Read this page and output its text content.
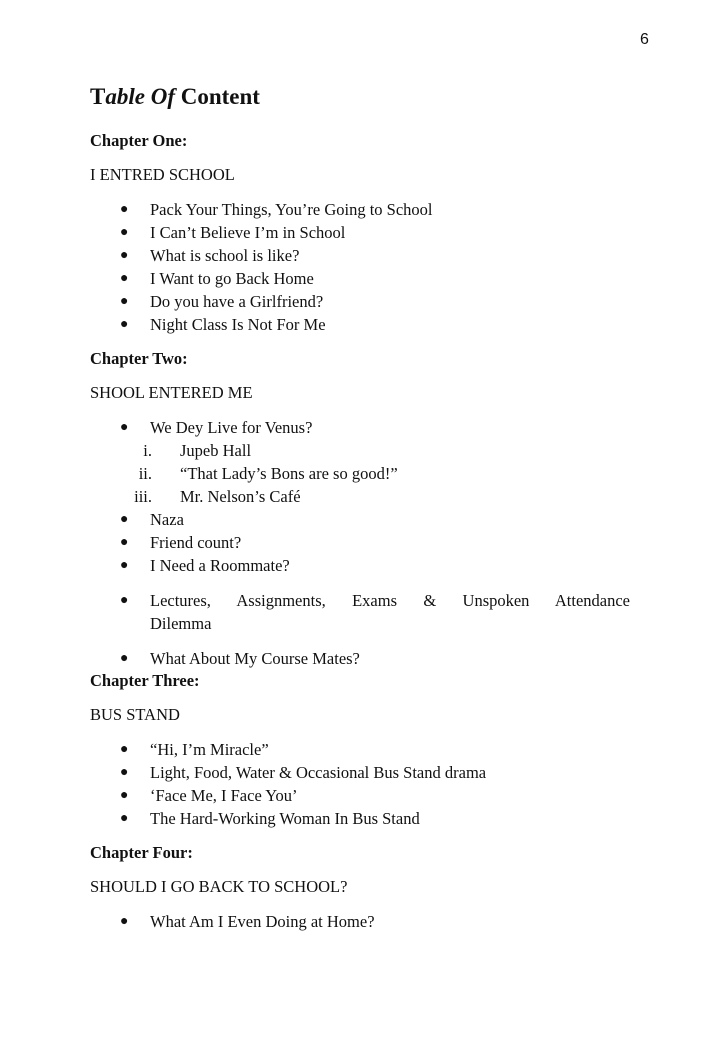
6
Table Of Content

Chapter One:

I ENTRED SCHOOL

● Pack Your Things, You’re Going to School
● I Can’t Believe I’m in School
● What is school is like?
● I Want to go Back Home
● Do you have a Girlfriend?
● Night Class Is Not For Me

Chapter Two:

SHOOL ENTERED ME

● We Dey Live for Venus?
i. Jupeb Hall
ii. “That Lady’s Bons are so good!”
iii. Mr. Nelson’s Café
● Naza
● Friend count?
● I Need a Roommate?
● Lectures, Assignments, Exams & Unspoken Attendance
Dilemma
● What About My Course Mates?

Chapter Three:

BUS STAND

● “Hi, I’m Miracle”
● Light, Food, Water & Occasional Bus Stand drama
● ‘Face Me, I Face You’
● The Hard-Working Woman In Bus Stand

Chapter Four:

SHOULD I GO BACK TO SCHOOL?

● What Am I Even Doing at Home?
